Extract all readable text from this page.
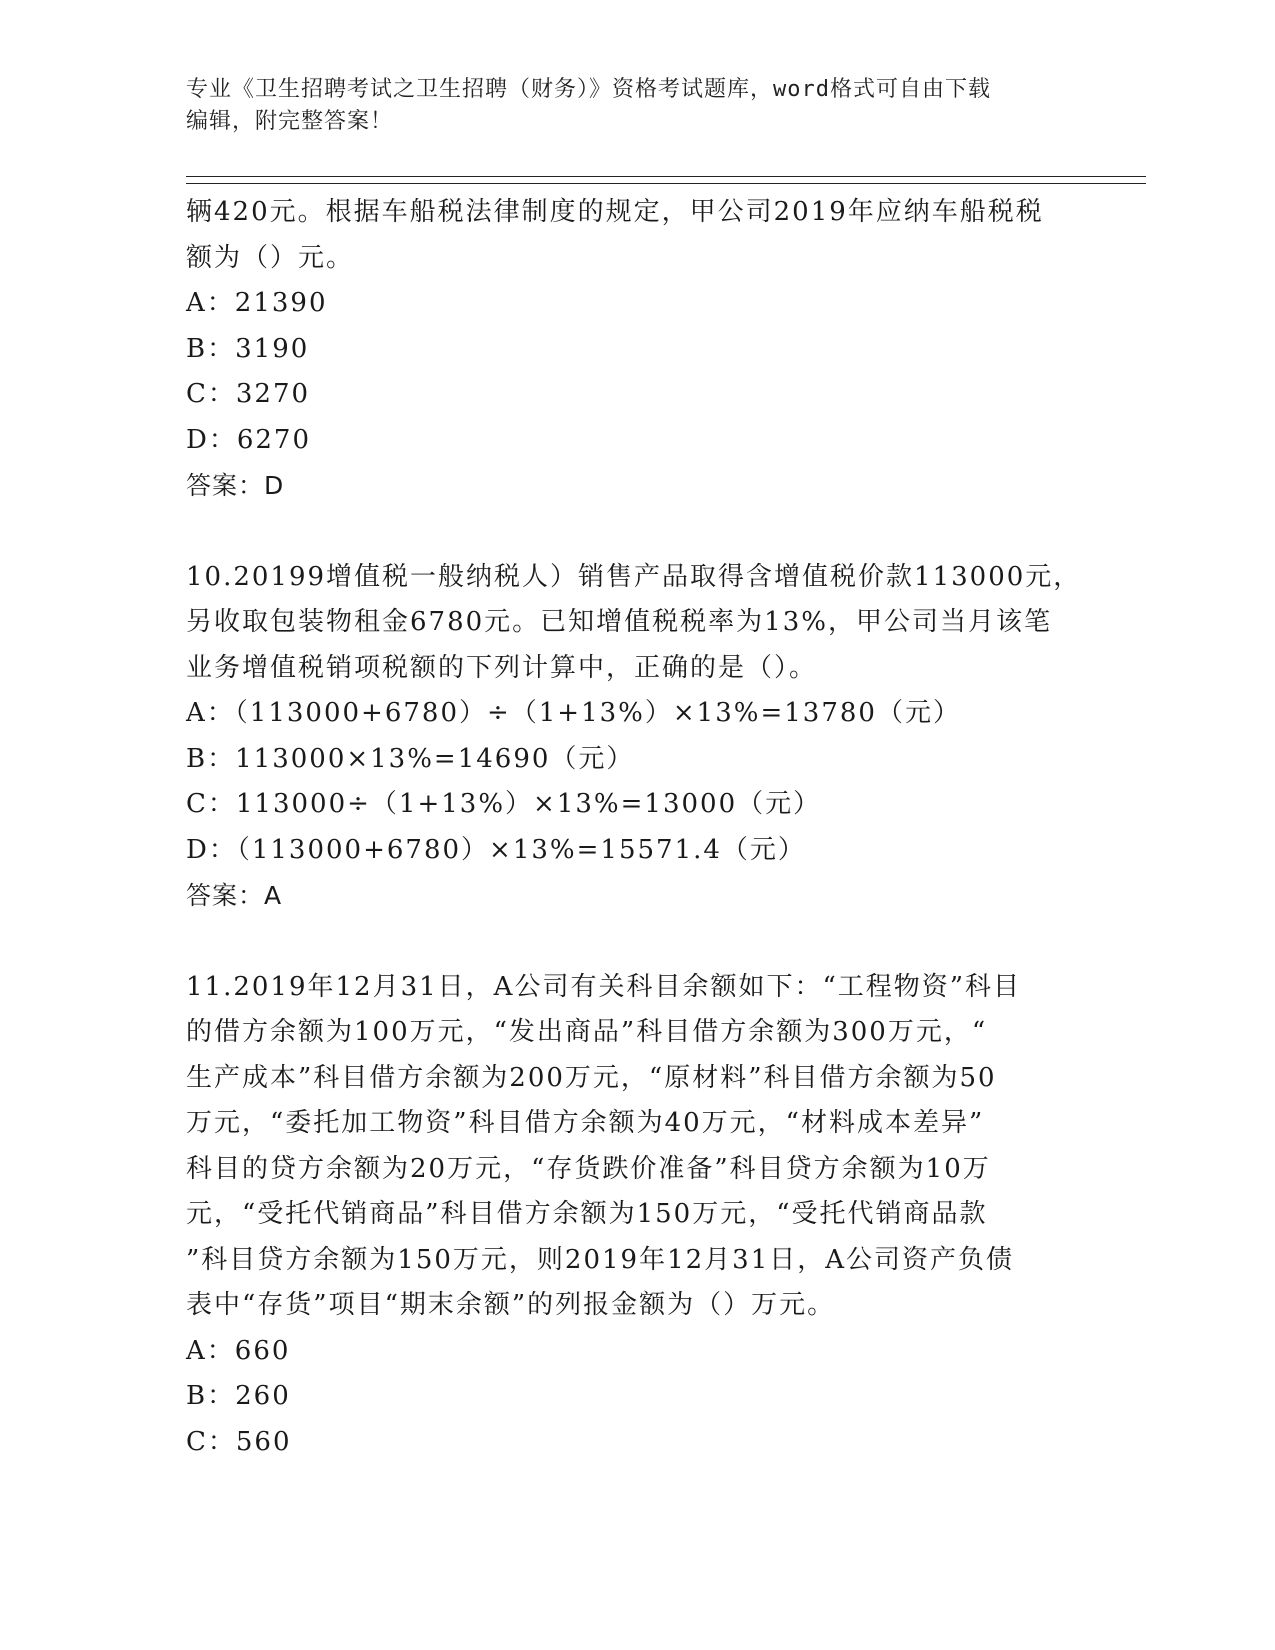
专业《卫生招聘考试之卫生招聘（财务）》资格考试题库，word格式可自由下载

编辑，附完整答案！

辆420元。根据车船税法律制度的规定，甲公司2019年应纳车船税税

额为（）元。

A：21390

B：3190

C：3270

D：6270

答案：D

10.20199增值税一般纳税人）销售产品取得含增值税价款113000元，

另收取包装物租金6780元。已知增值税税率为13%，甲公司当月该笔

业务增值税销项税额的下列计算中，正确的是（）。

A：（113000+6780）÷（1+13%）×13%=13780（元）

B：113000×13%=14690（元）

C：113000÷（1+13%）×13%=13000（元）

D：（113000+6780）×13%=15571.4（元）

答案：A

11.2019年12月31日，A公司有关科目余额如下：“工程物资”科目

的借方余额为100万元，“发出商品”科目借方余额为300万元，“

生产成本”科目借方余额为200万元，“原材料”科目借方余额为50

万元，“委托加工物资”科目借方余额为40万元，“材料成本差异”

科目的贷方余额为20万元，“存货跌价准备”科目贷方余额为10万

元，“受托代销商品”科目借方余额为150万元，“受托代销商品款

”科目贷方余额为150万元，则2019年12月31日，A公司资产负债

表中“存货”项目“期末余额”的列报金额为（）万元。

A：660

B：260

C：560
